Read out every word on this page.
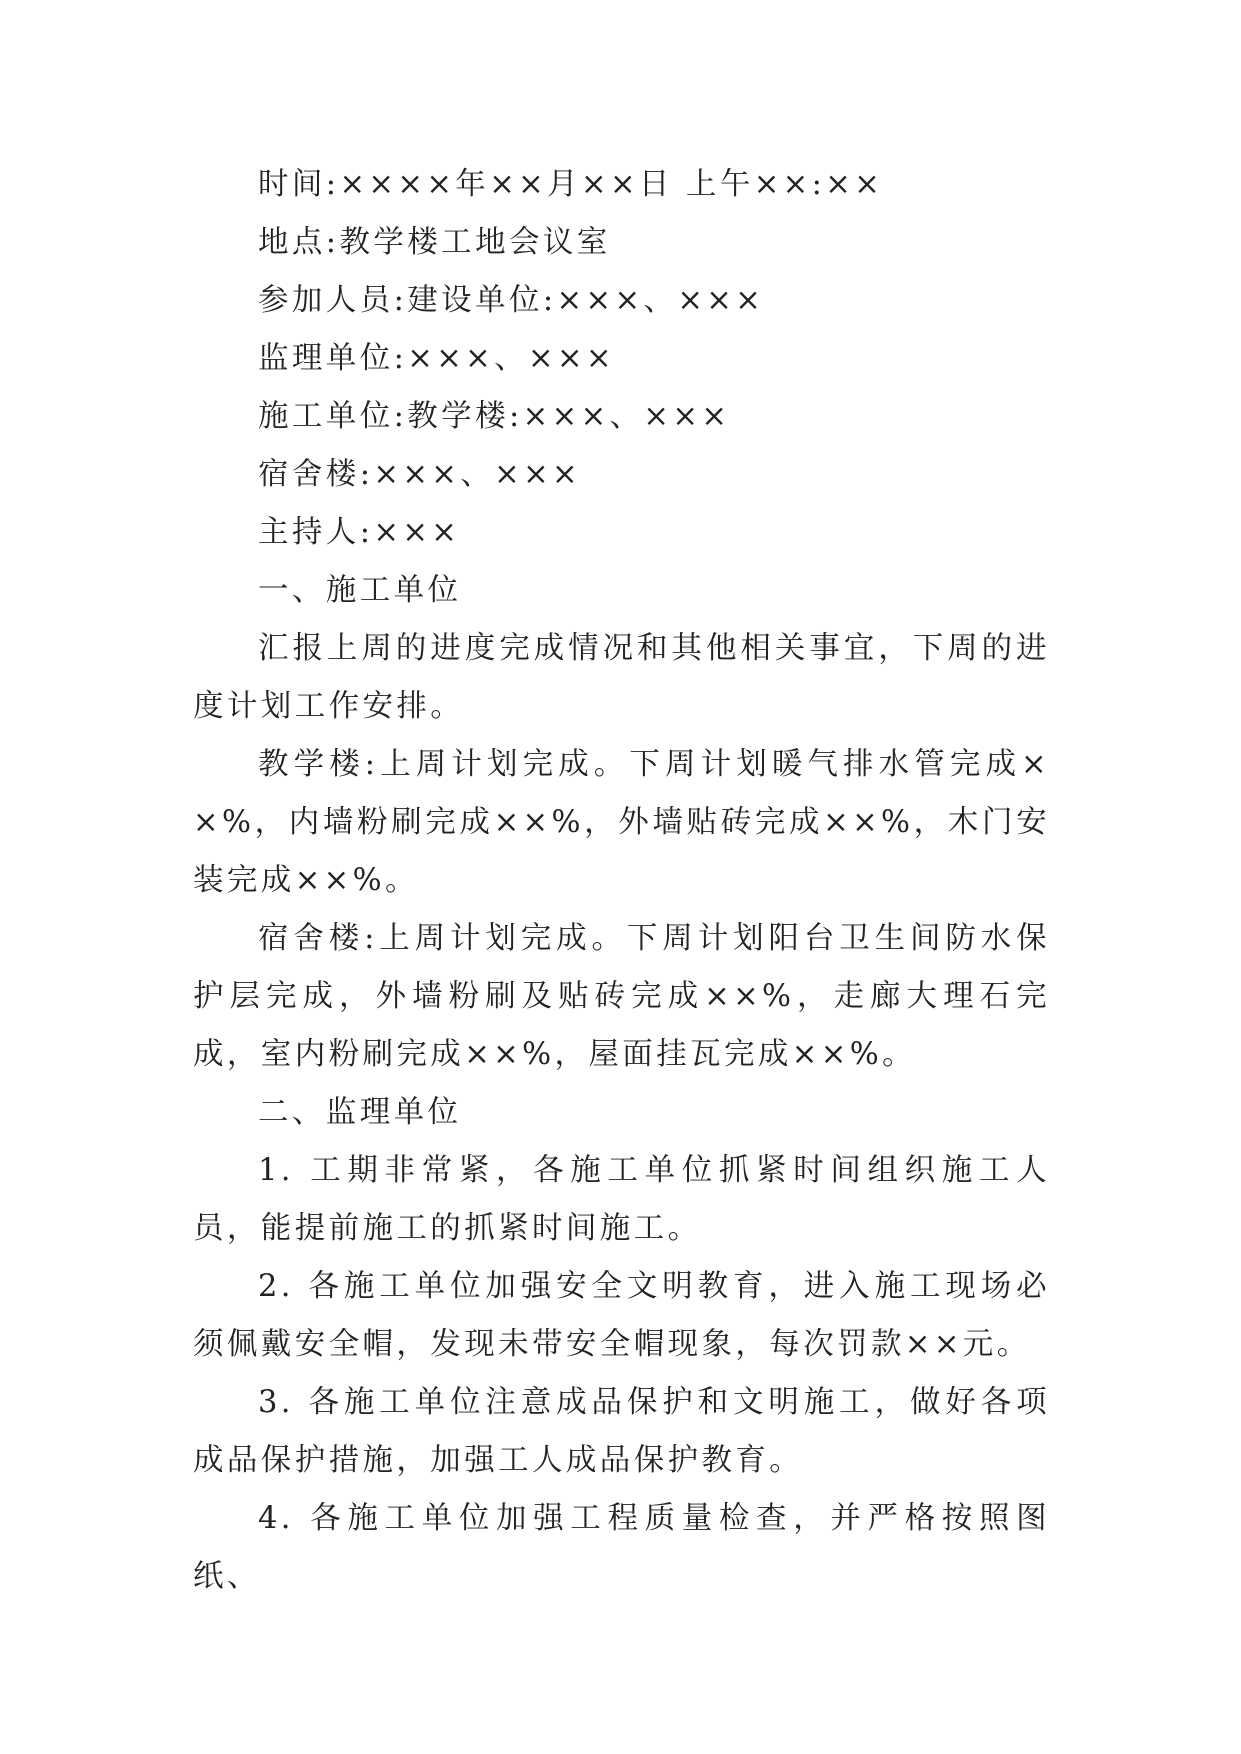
时间:××××年××月××日 上午××:××

地点:教学楼工地会议室

参加人员:建设单位:×××、×××

监理单位:×××、×××

施工单位:教学楼:×××、×××

宿舍楼:×××、×××

主持人:×××

一、施工单位

汇报上周的进度完成情况和其他相关事宜，下周的进度计划工作安排。

教学楼:上周计划完成。下周计划暖气排水管完成××%，内墙粉刷完成××%，外墙贴砖完成××%，木门安装完成××%。

宿舍楼:上周计划完成。下周计划阳台卫生间防水保护层完成，外墙粉刷及贴砖完成××%，走廊大理石完成，室内粉刷完成××%，屋面挂瓦完成××%。

二、监理单位

1. 工期非常紧，各施工单位抓紧时间组织施工人员，能提前施工的抓紧时间施工。

2. 各施工单位加强安全文明教育，进入施工现场必须佩戴安全帽，发现未带安全帽现象，每次罚款××元。

3. 各施工单位注意成品保护和文明施工，做好各项成品保护措施，加强工人成品保护教育。

4. 各施工单位加强工程质量检查，并严格按照图纸、
